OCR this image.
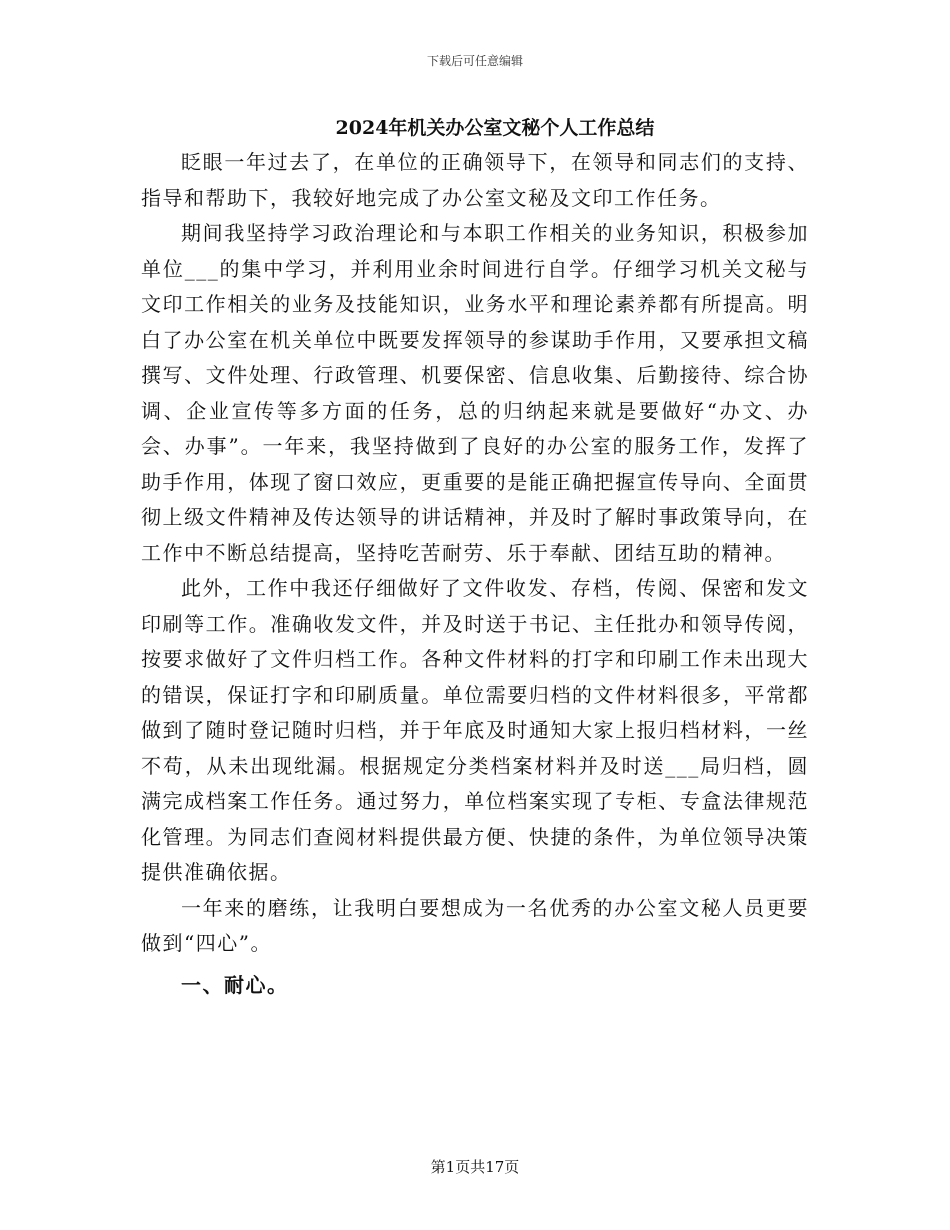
下载后可任意编辑
2024年机关办公室文秘个人工作总结

眨眼一年过去了，在单位的正确领导下，在领导和同志们的支持、指导和帮助下，我较好地完成了办公室文秘及文印工作任务。

期间我坚持学习政治理论和与本职工作相关的业务知识，积极参加单位___的集中学习，并利用业余时间进行自学。仔细学习机关文秘与文印工作相关的业务及技能知识，业务水平和理论素养都有所提高。明白了办公室在机关单位中既要发挥领导的参谋助手作用，又要承担文稿撰写、文件处理、行政管理、机要保密、信息收集、后勤接待、综合协调、企业宣传等多方面的任务，总的归纳起来就是要做好“办文、办会、办事”。一年来，我坚持做到了良好的办公室的服务工作，发挥了助手作用，体现了窗口效应，更重要的是能正确把握宣传导向、全面贯彻上级文件精神及传达领导的讲话精神，并及时了解时事政策导向，在工作中不断总结提高，坚持吃苦耐劳、乐于奉献、团结互助的精神。

此外，工作中我还仔细做好了文件收发、存档，传阅、保密和发文印刷等工作。准确收发文件，并及时送于书记、主任批办和领导传阅，按要求做好了文件归档工作。各种文件材料的打字和印刷工作未出现大的错误，保证打字和印刷质量。单位需要归档的文件材料很多，平常都做到了随时登记随时归档，并于年底及时通知大家上报归档材料，一丝不苟，从未出现纰漏。根据规定分类档案材料并及时送___局归档，圆满完成档案工作任务。通过努力，单位档案实现了专柜、专盒法律规范化管理。为同志们查阅材料提供最方便、快捷的条件，为单位领导决策提供准确依据。

一年来的磨练，让我明白要想成为一名优秀的办公室文秘人员更要做到“四心”。

一、耐心。

第1页共17页
